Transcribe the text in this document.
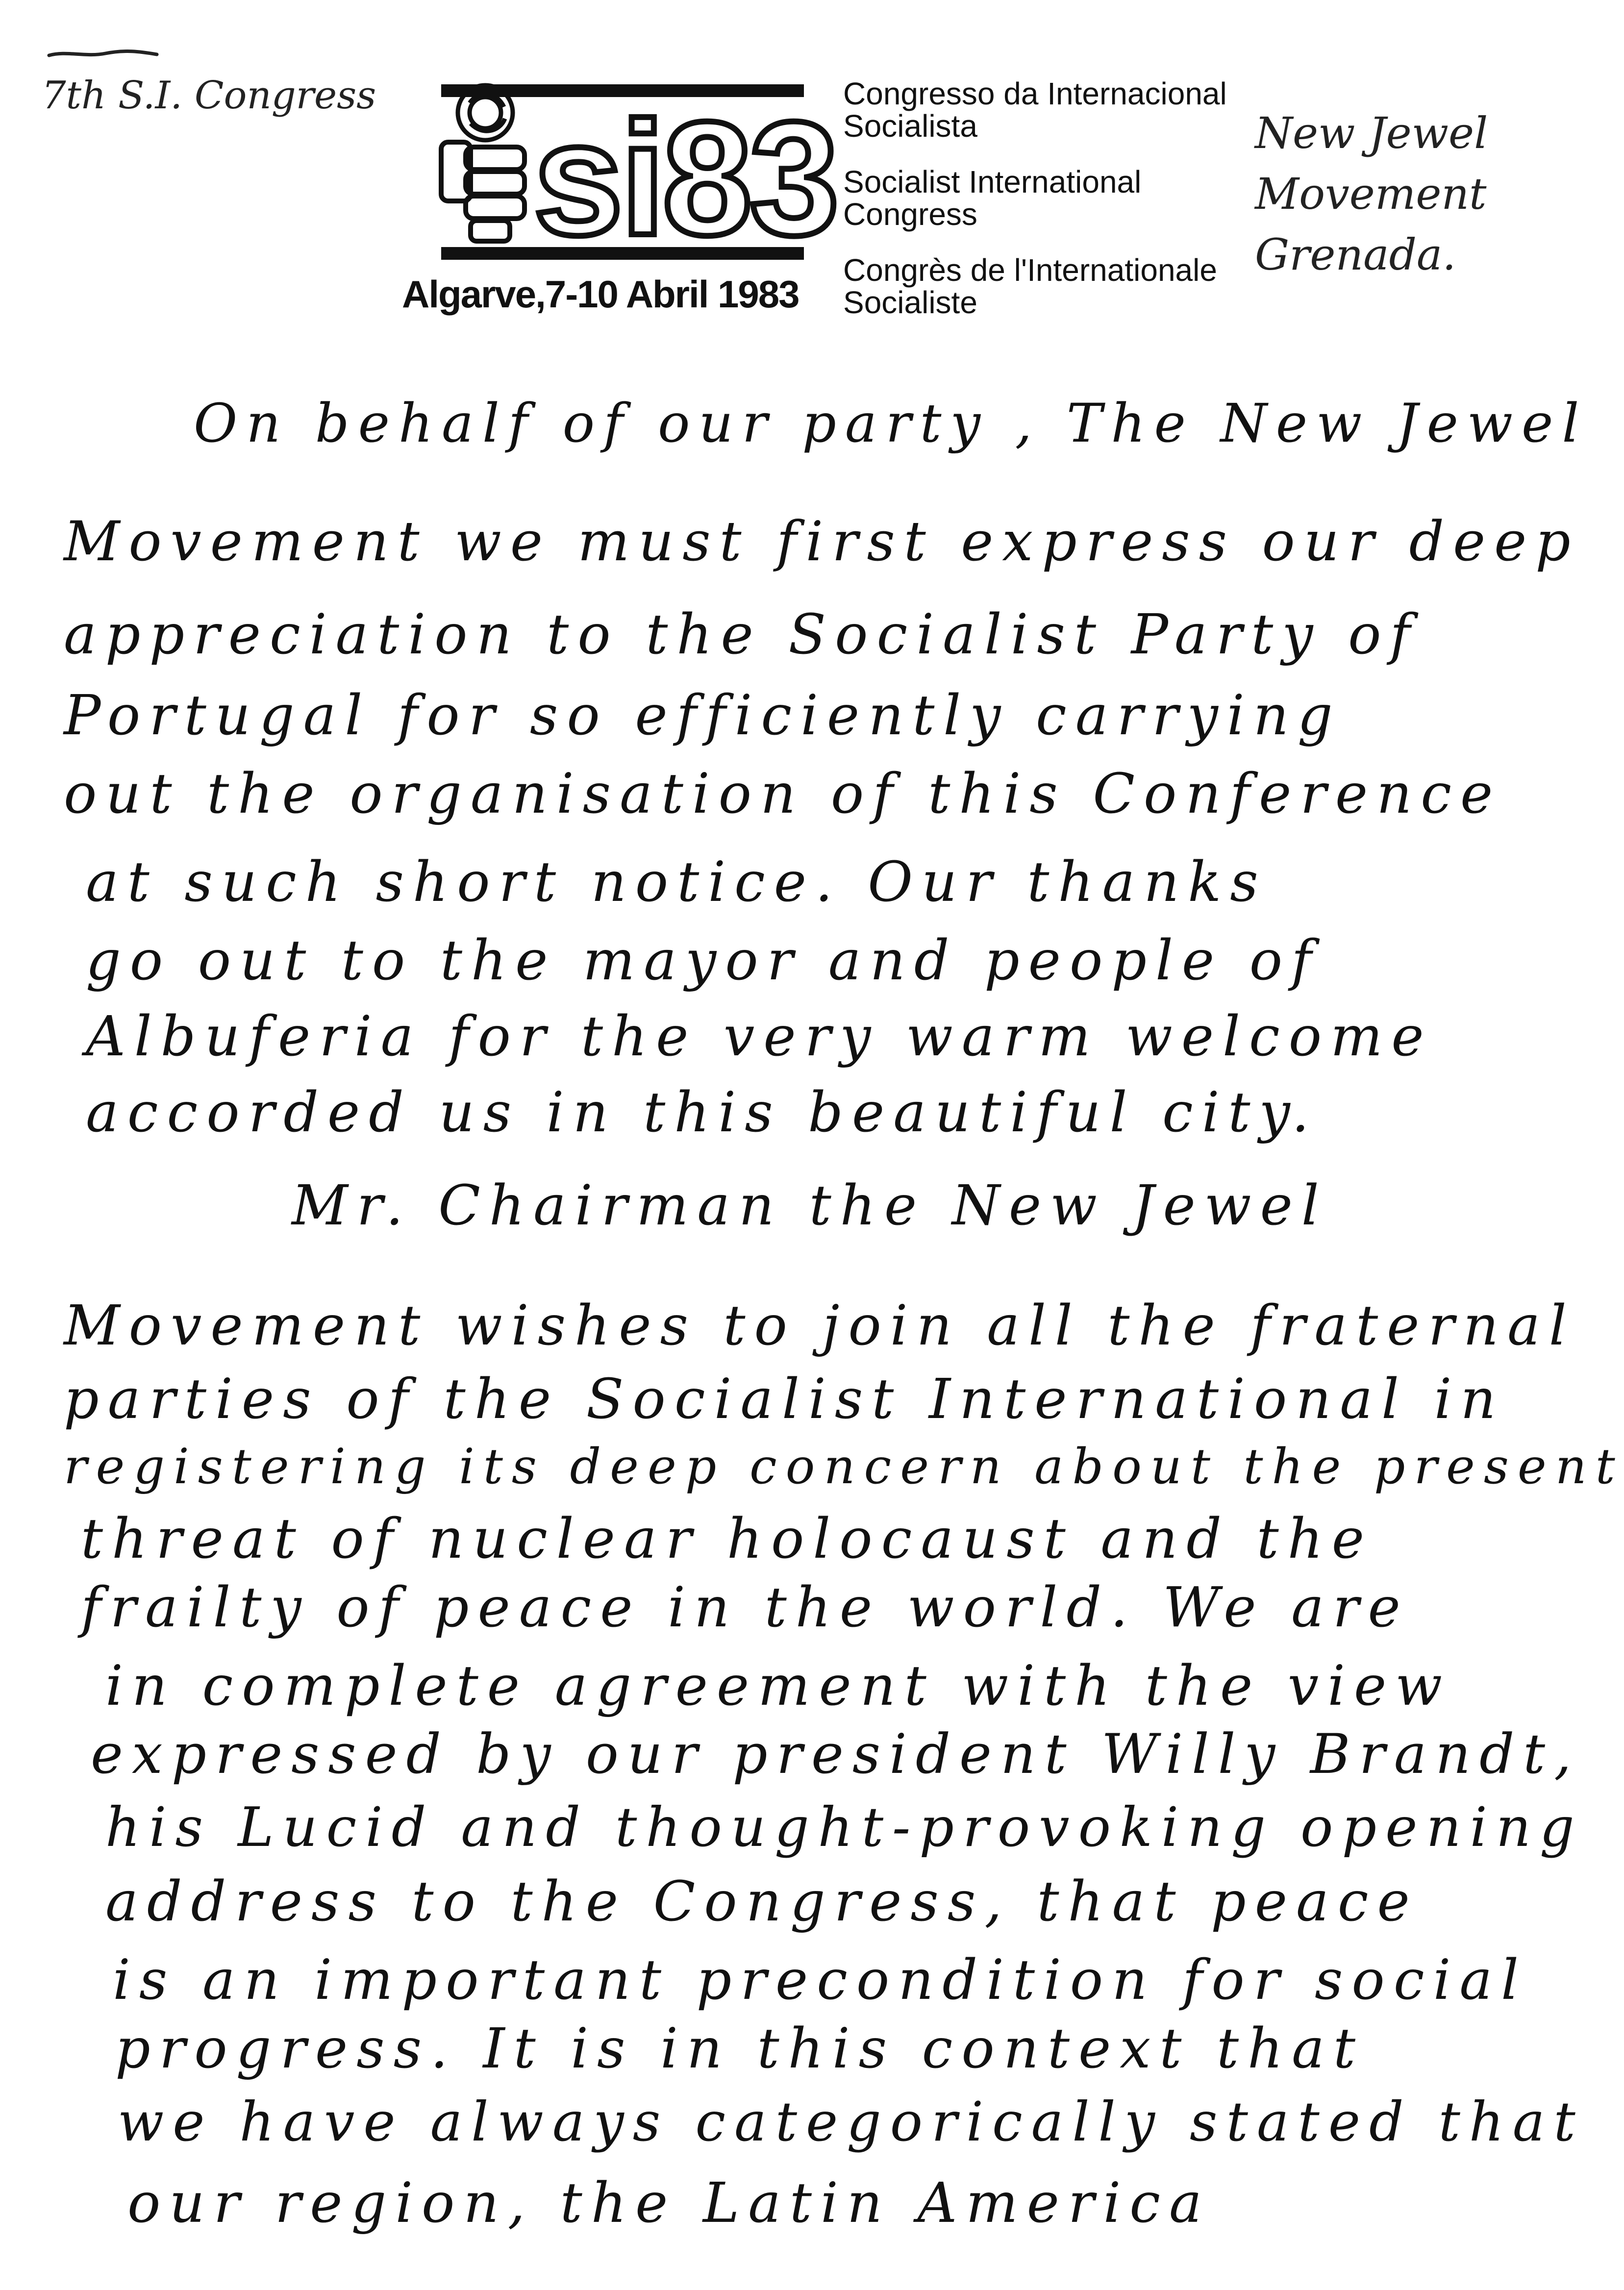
7th S.I. Congress
New Jewel
Movement
Grenada.
si83
Algarve,7-10 Abril 1983
Congresso da Internacional Socialista
Socialist International Congress
Congrès de l'Internationale Socialiste
On behalf of our party , The New Jewel
Movement we must first express our deep
appreciation to the Socialist Party of
Portugal for so efficiently carrying
out the organisation of this Conference
at such short notice. Our thanks
go out to the mayor and people of
Albuferia for the very warm welcome
accorded us in this beautiful city.
Mr. Chairman the New Jewel
Movement wishes to join all the fraternal
parties of the Socialist International in
registering its deep concern about the present
threat of nuclear holocaust and the
frailty of peace in the world. We are
in complete agreement with the view
expressed by our president Willy Brandt,
his Lucid and thought-provoking opening
address to the Congress, that peace
is an important precondition for social
progress. It is in this context that
we have always categorically stated that
our region, the Latin America
